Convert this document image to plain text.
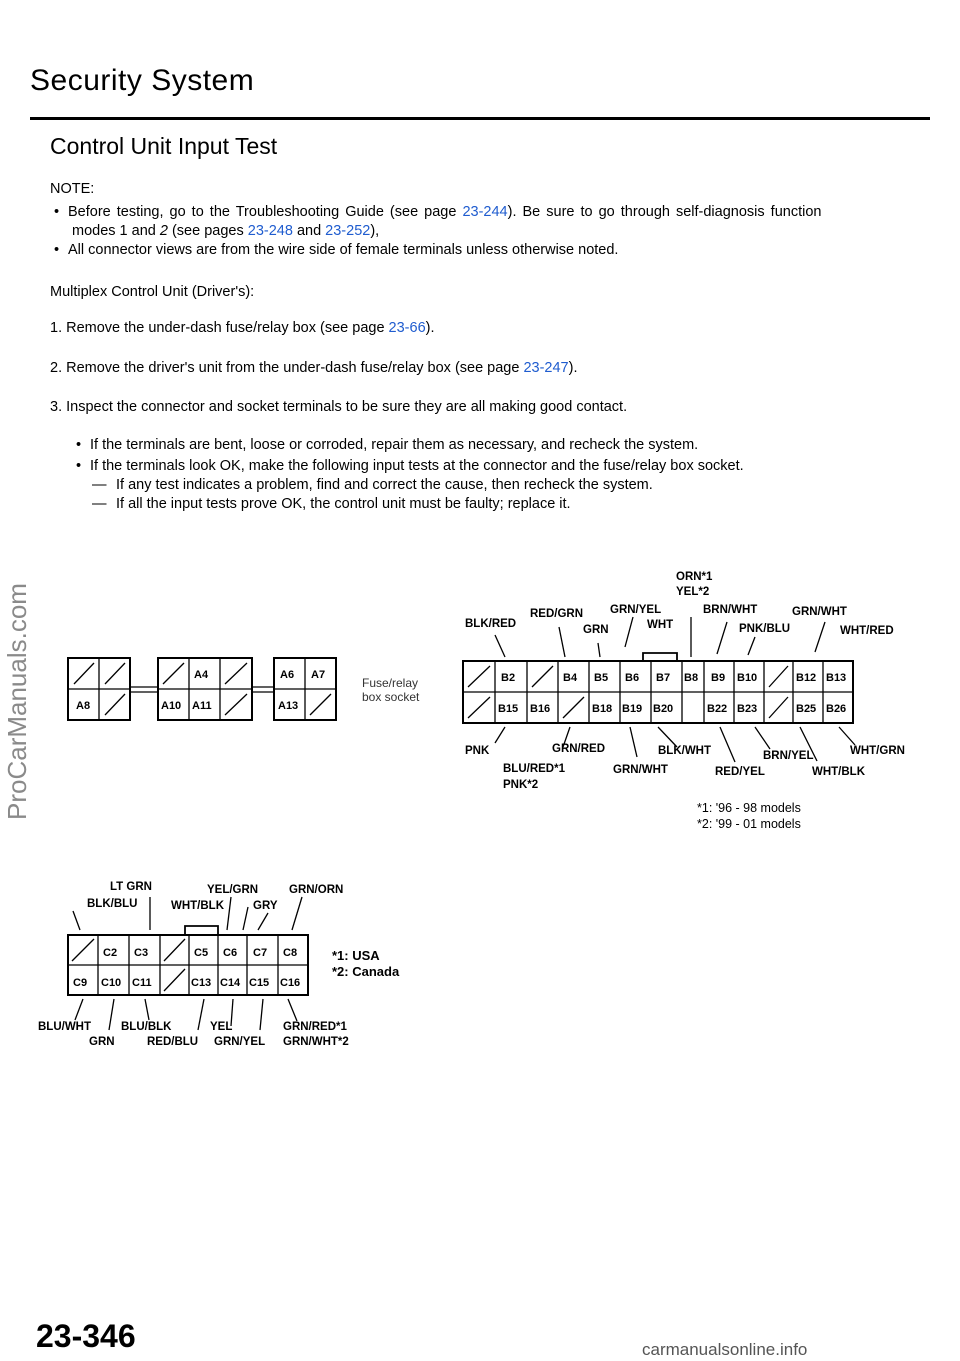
Security System
Control Unit Input Test
NOTE:
• Before testing, go to the Troubleshooting Guide (see page 23-244). Be sure to go through self-diagnosis function
modes 1 and 2 (see pages 23-248 and 23-252),
• All connector views are from the wire side of female terminals unless otherwise noted.
Multiplex Control Unit (Driver's):
1. Remove the under-dash fuse/relay box (see page 23-66).
2. Remove the driver's unit from the under-dash fuse/relay box (see page 23-247).
3. Inspect the connector and socket terminals to be sure they are all making good contact.
• If the terminals are bent, loose or corroded, repair them as necessary, and recheck the system.
• If the terminals look OK, make the following input tests at the connector and the fuse/relay box socket.
— If any test indicates a problem, find and correct the cause, then recheck the system.
— If all the input tests prove OK, the control unit must be faulty; replace it.
A8
A4
A10 A11
A6 A7
A13
Fuse/relay
box socket
B2	B4 B5 B6 B7 B8 B9 B10	B12 B13
B15 B16	B18 B19 B20	B22 B23	B25 B26
BLK/RED
RED/GRN
GRN
GRN/YEL
WHT
ORN*1
YEL*2
BRN/WHT
PNK/BLU
GRN/WHT
WHT/RED
PNK
BLU/RED*1
PNK*2
GRN/RED
GRN/WHT
BLK/WHT
RED/YEL
BRN/YEL
WHT/BLK
WHT/GRN
*1: '96 - 98 models
*2: '99 - 01 models
C2 C3	C5 C6 C7 C8
C9 C10 C11	C13 C14 C15 C16
LT GRN
BLK/BLU
YEL/GRN
WHT/BLK	GRY
GRN/ORN
BLU/WHT
GRN
BLU/BLK
RED/BLU
YEL
GRN/YEL
GRN/RED*1
GRN/WHT*2
*1: USA
*2: Canada
ProCarManuals.com
23-346	carmanualsonline.info
